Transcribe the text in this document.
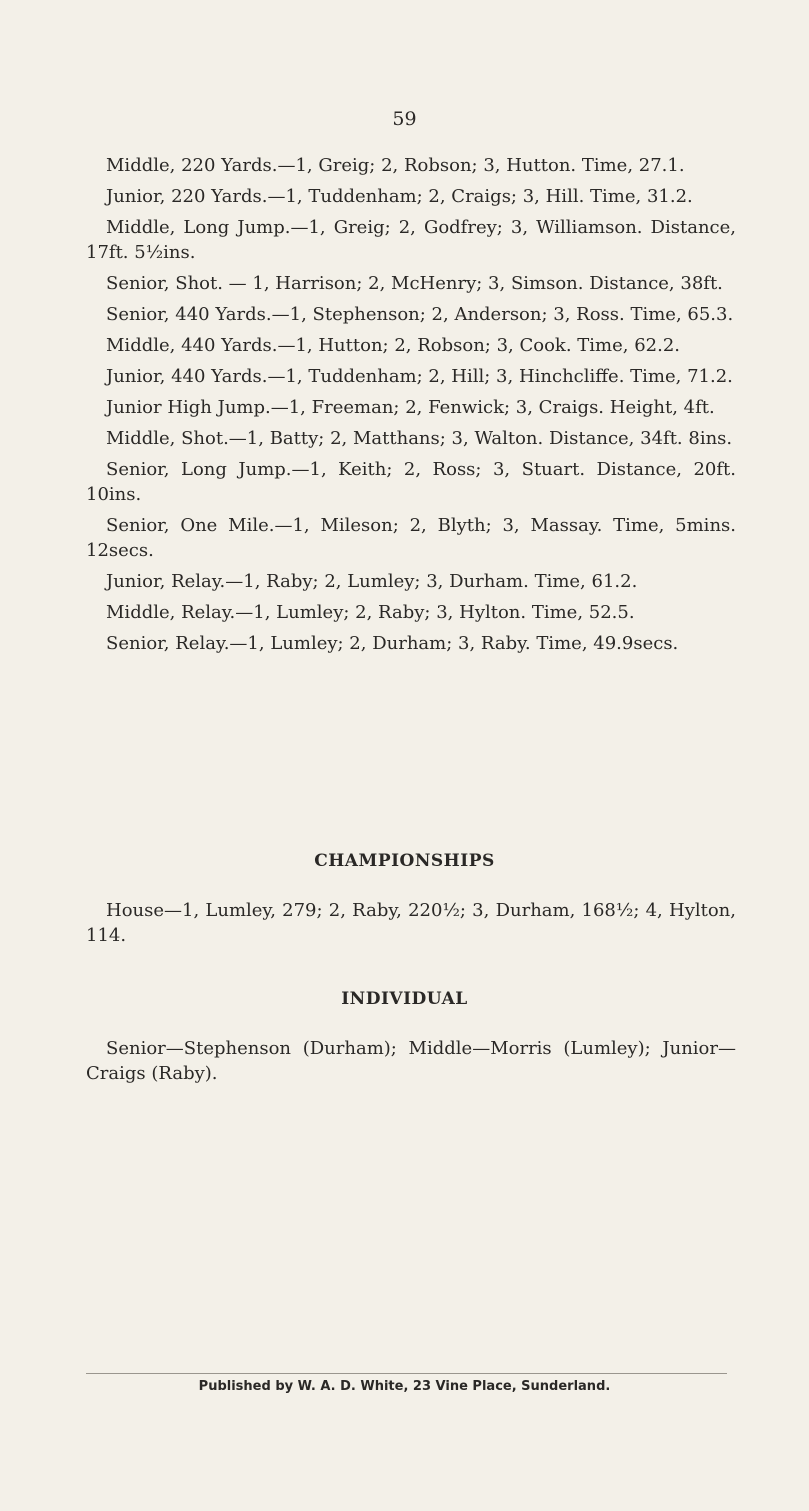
59

Middle, 220 Yards.—1, Greig; 2, Robson; 3, Hutton. Time, 27.1.

Junior, 220 Yards.—1, Tuddenham; 2, Craigs; 3, Hill. Time, 31.2.

Middle, Long Jump.—1, Greig; 2, Godfrey; 3, Williamson. Distance, 17ft. 5½ins.

Senior, Shot. — 1, Harrison; 2, McHenry; 3, Simson. Distance, 38ft.

Senior, 440 Yards.—1, Stephenson; 2, Anderson; 3, Ross. Time, 65.3.

Middle, 440 Yards.—1, Hutton; 2, Robson; 3, Cook. Time, 62.2.

Junior, 440 Yards.—1, Tuddenham; 2, Hill; 3, Hinchcliffe. Time, 71.2.

Junior High Jump.—1, Freeman; 2, Fenwick; 3, Craigs. Height, 4ft.

Middle, Shot.—1, Batty; 2, Matthans; 3, Walton. Distance, 34ft. 8ins.

Senior, Long Jump.—1, Keith; 2, Ross; 3, Stuart. Distance, 20ft. 10ins.

Senior, One Mile.—1, Mileson; 2, Blyth; 3, Massay. Time, 5mins. 12secs.

Junior, Relay.—1, Raby; 2, Lumley; 3, Durham. Time, 61.2.

Middle, Relay.—1, Lumley; 2, Raby; 3, Hylton. Time, 52.5.

Senior, Relay.—1, Lumley; 2, Durham; 3, Raby. Time, 49.9secs.

CHAMPIONSHIPS
House—1, Lumley, 279; 2, Raby, 220½; 3, Durham, 168½; 4, Hylton, 114.
INDIVIDUAL
Senior—Stephenson (Durham); Middle—Morris (Lumley); Junior—Craigs (Raby).
Published by W. A. D. White, 23 Vine Place, Sunderland.
